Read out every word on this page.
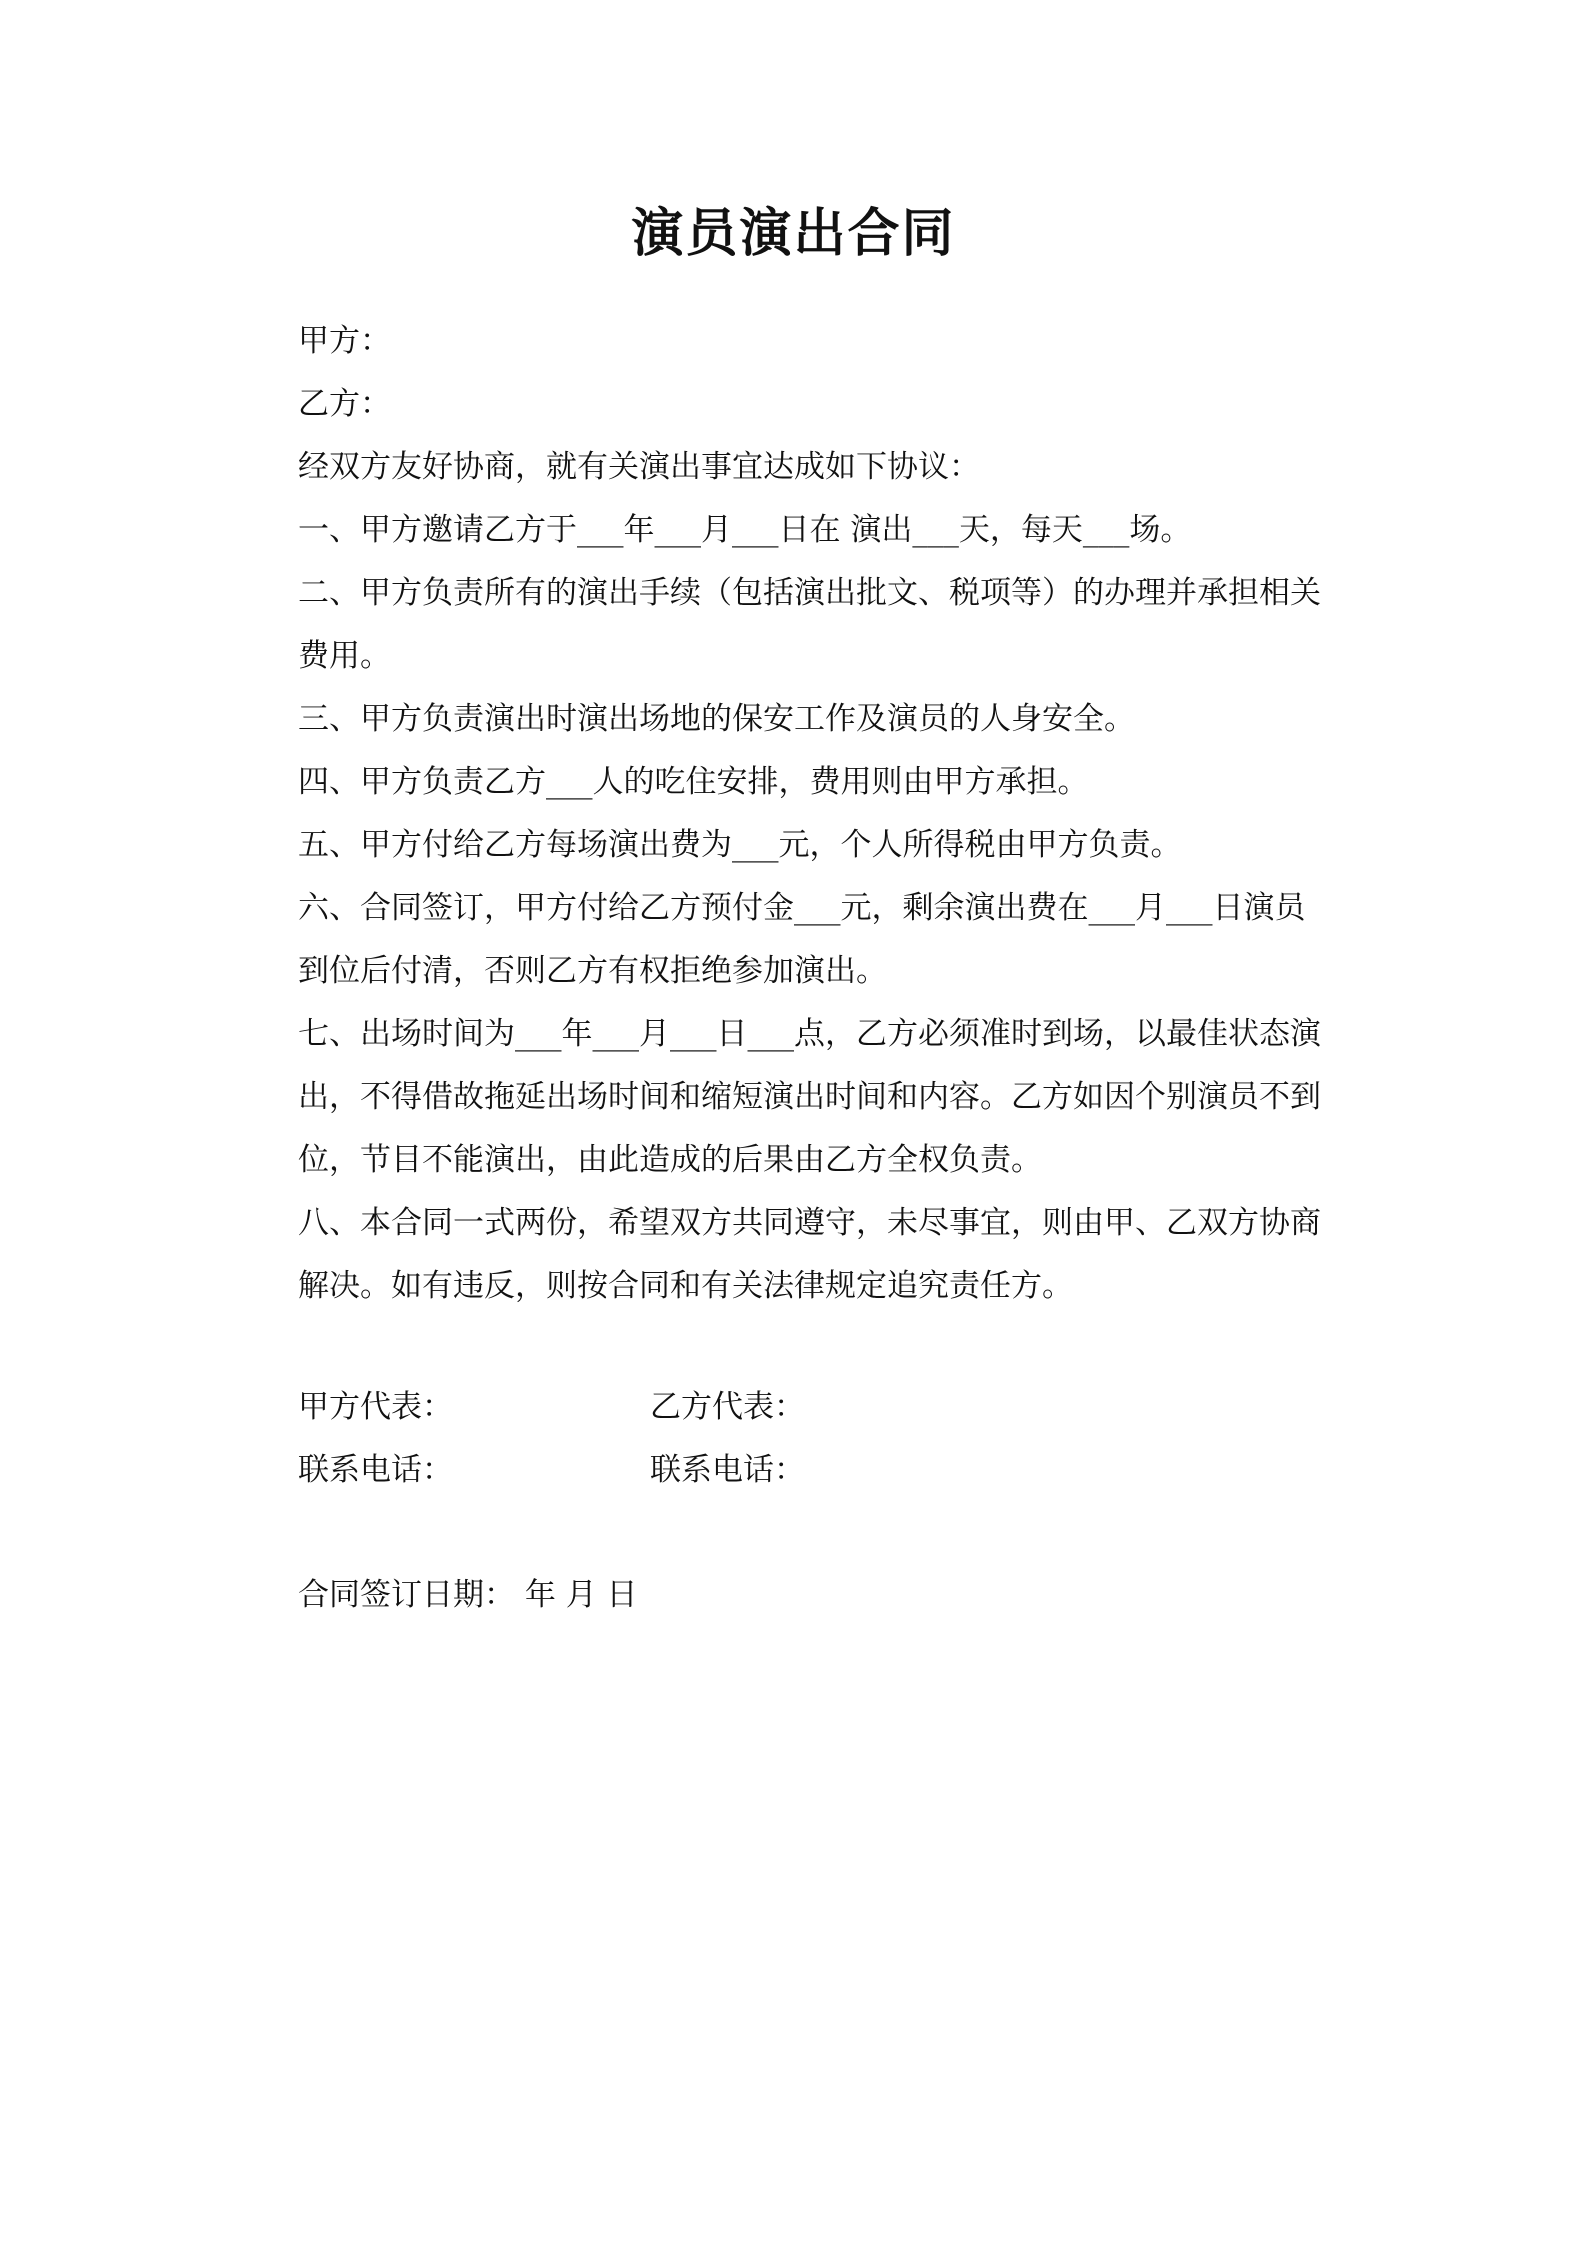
演员演出合同
甲方：
乙方：
经双方友好协商，就有关演出事宜达成如下协议：
一、甲方邀请乙方于___年___月___日在 演出___天，每天___场。
二、甲方负责所有的演出手续（包括演出批文、税项等）的办理并承担相关
费用。
三、甲方负责演出时演出场地的保安工作及演员的人身安全。
四、甲方负责乙方___人的吃住安排，费用则由甲方承担。
五、甲方付给乙方每场演出费为___元，个人所得税由甲方负责。
六、合同签订，甲方付给乙方预付金___元，剩余演出费在___月___日演员
到位后付清，否则乙方有权拒绝参加演出。
七、出场时间为___年___月___日___点，乙方必须准时到场，以最佳状态演
出，不得借故拖延出场时间和缩短演出时间和内容。乙方如因个别演员不到
位，节目不能演出，由此造成的后果由乙方全权负责。
八、本合同一式两份，希望双方共同遵守，未尽事宜，则由甲、乙双方协商
解决。如有违反，则按合同和有关法律规定追究责任方。
甲方代表：	乙方代表：
联系电话：	联系电话：
合同签订日期： 年 月 日
